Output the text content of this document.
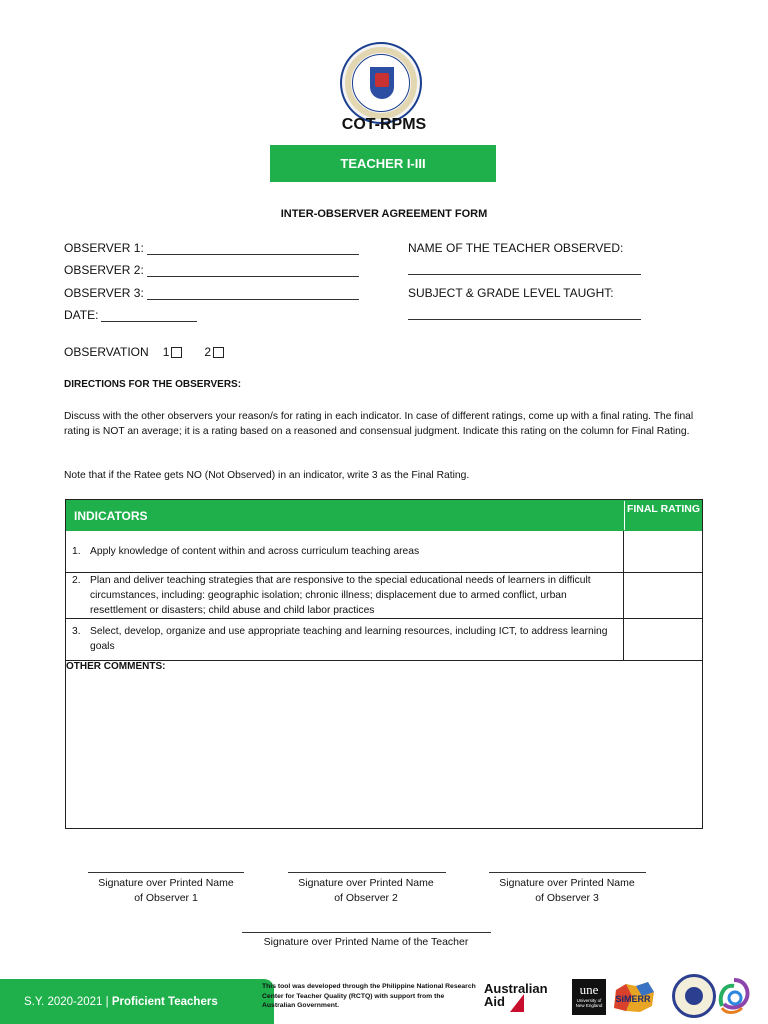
COT-RPMS
TEACHER I-III
INTER-OBSERVER AGREEMENT FORM
OBSERVER 1:
OBSERVER 2:
OBSERVER 3:
DATE:
NAME OF THE TEACHER OBSERVED:
SUBJECT & GRADE LEVEL TAUGHT:
OBSERVATION 1	2
DIRECTIONS FOR THE OBSERVERS:
Discuss with the other observers your reason/s for rating in each indicator. In case of different ratings, come up with a final rating. The final rating is NOT an average; it is a rating based on a reasoned and consensual judgment. Indicate this rating on the column for Final Rating.
Note that if the Ratee gets NO (Not Observed) in an indicator, write 3 as the Final Rating.
INDICATORS	FINAL RATING
1. Apply knowledge of content within and across curriculum teaching areas
2. Plan and deliver teaching strategies that are responsive to the special educational needs of learners in difficult circumstances, including: geographic isolation; chronic illness; displacement due to armed conflict, urban resettlement or disasters; child abuse and child labor practices
3. Select, develop, organize and use appropriate teaching and learning resources, including ICT, to address learning goals
OTHER COMMENTS:
Signature over Printed Name
of Observer 1
Signature over Printed Name
of Observer 2
Signature over Printed Name
of Observer 3
Signature over Printed Name of the Teacher
S.Y. 2020-2021 |
Proficient Teachers
This tool was developed through the Philippine National Research Center for Teacher Quality (RCTQ) with support from the Australian Government.
Australian
Aid
une
University of New England
SiMERR
